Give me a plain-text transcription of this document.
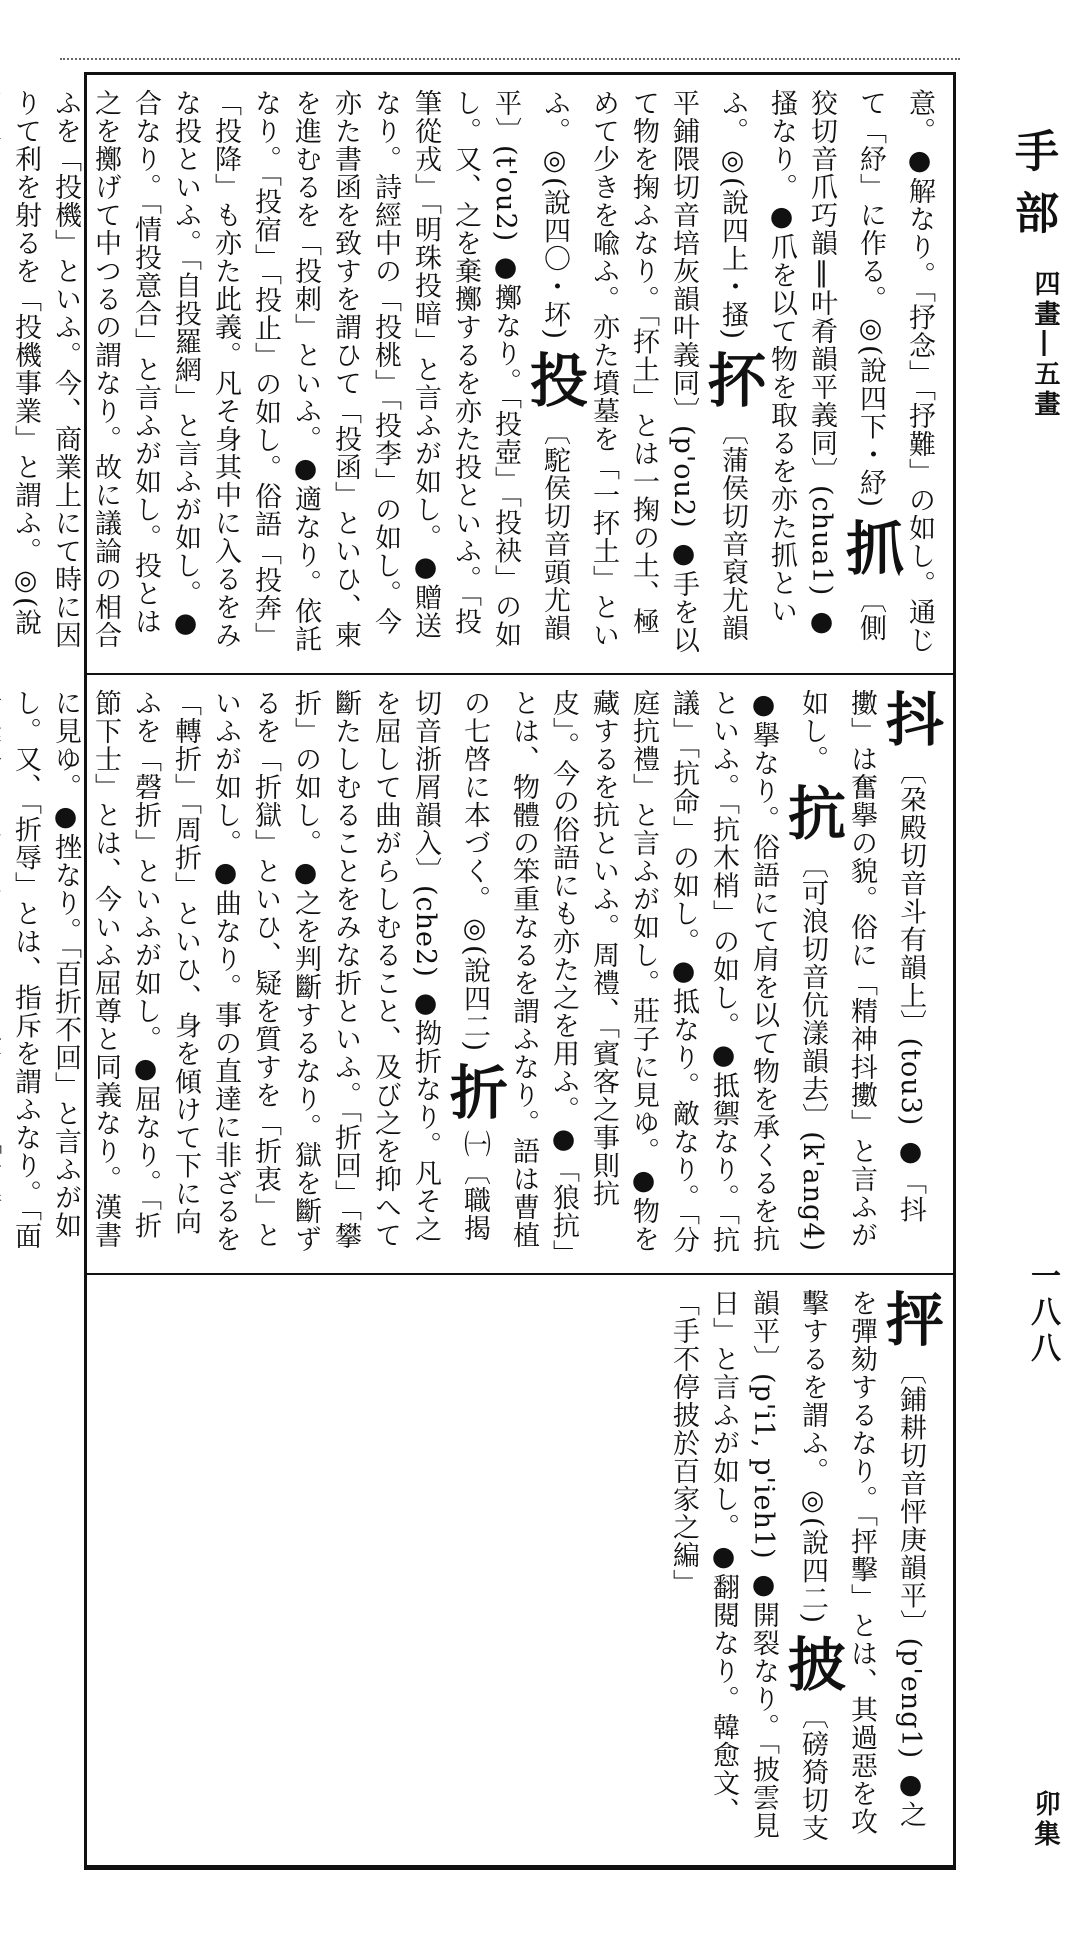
意。●解なり。「抒念」「抒難」の如し。通じて「紓」に作る。◎(說四下・紓) 抓 〔側狡切音爪巧韻‖叶肴韻平義同〕(chua1) ●搔なり。●爪を以て物を取るを亦た抓といふ。◎(說四上・搔) 抔 〔蒲侯切音裒尤韻平鋪隈切音培灰韻叶義同〕(p'ou2) ●手を以て物を掬ふなり。「抔土」とは一掬の土、極めて少きを喩ふ。亦た墳墓を「一抔土」といふ。◎(說四〇・坏) 投 〔駝侯切音頭尤韻平〕(t'ou2) ●擲なり。「投壺」「投袂」の如し。又、之を棄擲するを亦た投といふ。「投筆從戎」「明珠投暗」と言ふが如し。●贈送なり。詩經中の「投桃」「投李」の如し。今亦た書函を致すを謂ひて「投函」といひ、柬を進むるを「投刺」といふ。●適なり。依託なり。「投宿」「投止」の如し。俗語「投奔」「投降」も亦た此義。凡そ身其中に入るをみな投といふ。「自投羅網」と言ふが如し。●合なり。「情投意合」と言ふが如し。投とは之を擲げて中つるの謂なり。故に議論の相合ふを「投機」といふ。今、商業上にて時に因りて利を射るを「投機事業」と謂ふ。◎(說
抖 〔朶殿切音斗有韻上〕(tou3) ●「抖擻」は奮擧の貌。俗に「精神抖擻」と言ふが如し。 抗 〔可浪切音伉漾韻去〕(k'ang4) ●擧なり。俗語にて肩を以て物を承くるを抗といふ。「抗木梢」の如し。●抵禦なり。「抗議」「抗命」の如し。●抵なり。敵なり。「分庭抗禮」と言ふが如し。莊子に見ゆ。●物を藏するを抗といふ。周禮、「賓客之事則抗皮」。今の俗語にも亦た之を用ふ。●「狼抗」とは、物體の笨重なるを謂ふなり。語は曹植の七啓に本づく。◎(說四二) 折 ㈠〔職揭切音浙屑韻入〕(che2) ●拗折なり。凡そ之を屈して曲がらしむること、及び之を抑へて斷たしむることをみな折といふ。「折回」「攀折」の如し。●之を判斷するなり。獄を斷ずるを「折獄」といひ、疑を質すを「折衷」といふが如し。●曲なり。事の直達に非ざるを「轉折」「周折」といひ、身を傾けて下に向ふを「磬折」といふが如し。●屈なり。「折節下士」とは、今いふ屈尊と同義なり。漢書に見ゆ。●挫なり。「百折不回」と言ふが如し。又、「折辱」とは、指斥を謂ふなり。「面
抨 〔鋪耕切音怦庚韻平〕(p'eng1) ●之を彈劾するなり。「抨擊」とは、其過惡を攻擊するを謂ふ。◎(說四二) 披 〔磅猗切支韻平〕(p'i1, p'ieh1) ●開裂なり。「披雲見日」と言ふが如し。●翻閱なり。韓愈文、「手不停披於百家之編」
手部
四畫―五畫
一八八
卯集
